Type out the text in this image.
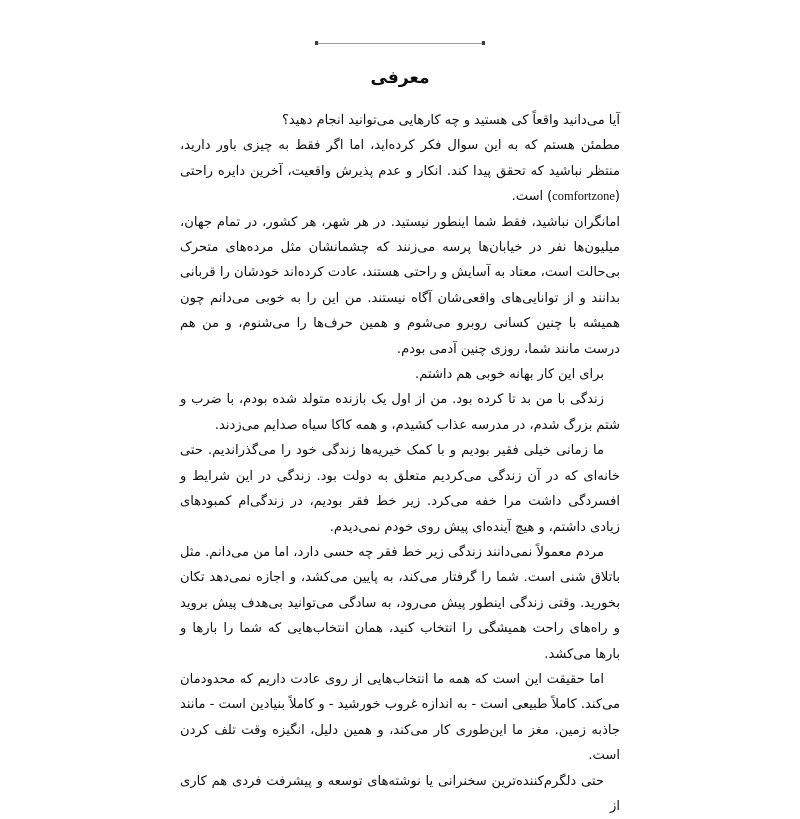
معرفی

آیا می‌دانید واقعاً کی هستید و چه کارهایی می‌توانید انجام دهید؟

مطمئن هستم که به این سوال فکر کرده‌اید، اما اگر فقط به چیزی باور دارید، منتظر نباشید که تحقق پیدا کند. انکار و عدم پذیرش واقعیت، آخرین دایره راحتی (comfortzone) است.

امانگران نباشید، فقط شما اینطور نیستید. در هر شهر، هر کشور، در تمام جهان، میلیون‌ها نفر در خیابان‌ها پرسه می‌زنند که چشمانشان مثل مرده‌های متحرک بی‌حالت است، معتاد به آسایش و راحتی هستند، عادت کرده‌اند خودشان را قربانی بدانند و از توانایی‌های واقعی‌شان آگاه نیستند. من این را به خوبی می‌دانم چون همیشه با چنین کسانی روبرو می‌شوم و همین حرف‌ها را می‌شنوم، و من هم درست مانند شما، روزی چنین آدمی بودم.

برای این کار بهانه خوبی هم داشتم.

زندگی با من بد تا کرده بود. من از اول یک بازنده متولد شده بودم، با ضرب و شتم بزرگ شدم، در مدرسه عذاب کشیدم، و همه کاکا سیاه صدایم می‌زدند.

ما زمانی خیلی فقیر بودیم و با کمک خیریه‌ها زندگی خود را می‌گذراندیم. حتی خانه‌ای که در آن زندگی می‌کردیم متعلق به دولت بود. زندگی در این شرایط و افسردگی داشت مرا خفه می‌کرد. زیر خط فقر بودیم، در زندگی‌ام کمبودهای زیادی داشتم، و هیچ آینده‌ای پیش روی خودم نمی‌دیدم.

مردم معمولاً نمی‌دانند زندگی زیر خط فقر چه حسی دارد، اما من می‌دانم. مثل باتلاق شنی است. شما را گرفتار می‌کند، به پایین می‌کشد، و اجازه نمی‌دهد تکان بخورید. وقتی زندگی اینطور پیش می‌رود، به سادگی می‌توانید بی‌هدف پیش بروید و راه‌های راحت همیشگی را انتخاب کنید، همان انتخاب‌هایی که شما را بارها و بارها می‌کشد.

اما حقیقت این است که همه ما انتخاب‌هایی از روی عادت داریم که محدودمان می‌کند. کاملاً طبیعی است - به اندازه غروب خورشید - و کاملاً بنیادین است - مانند جاذبه زمین. مغز ما این‌طوری کار می‌کند، و همین دلیل، انگیزه وقت تلف کردن است.

حتی دلگرم‌کننده‌ترین سخنرانی یا نوشته‌های توسعه و پیشرفت فردی هم کاری از
